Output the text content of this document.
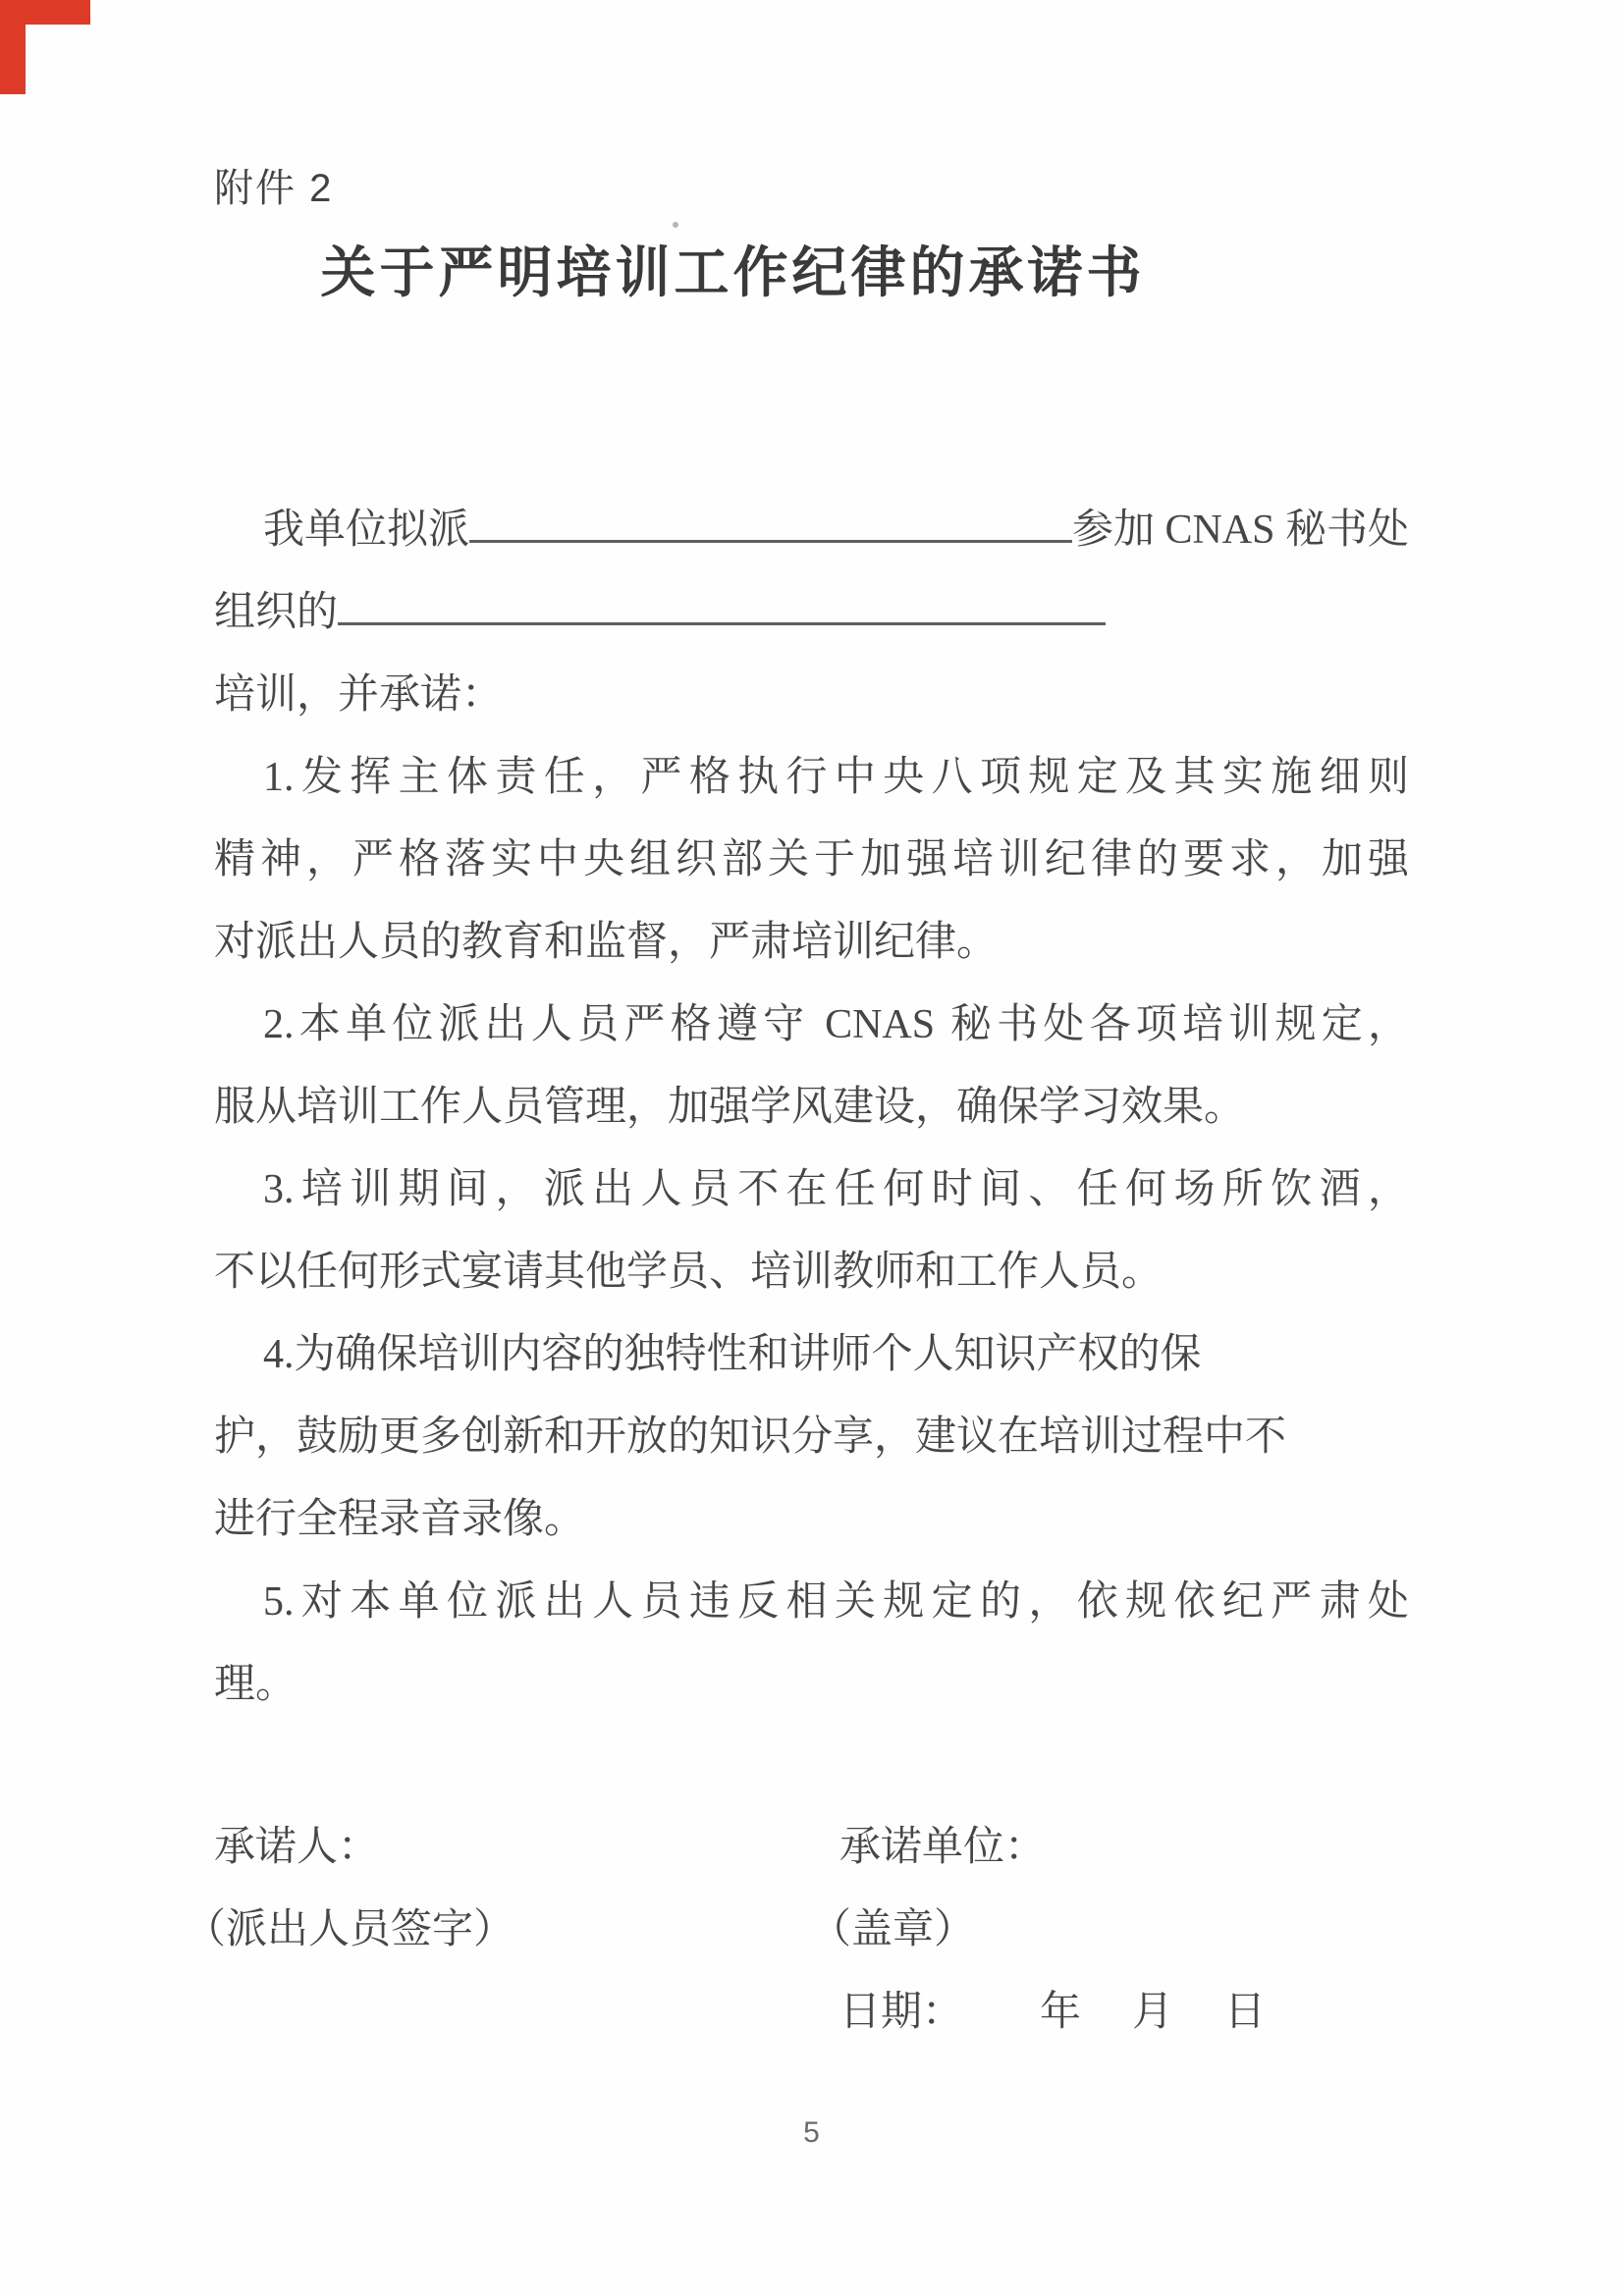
附件 2
关于严明培训工作纪律的承诺书
我单位拟派	参加 CNAS 秘书处
组织的
培训，并承诺：
1.发挥主体责任，严格执行中央八项规定及其实施细则
精神，严格落实中央组织部关于加强培训纪律的要求，加强
对派出人员的教育和监督，严肃培训纪律。
2.本单位派出人员严格遵守 CNAS 秘书处各项培训规定，
服从培训工作人员管理，加强学风建设，确保学习效果。
3.培训期间，派出人员不在任何时间、任何场所饮酒，
不以任何形式宴请其他学员、培训教师和工作人员。
4.为确保培训内容的独特性和讲师个人知识产权的保
护，鼓励更多创新和开放的知识分享，建议在培训过程中不
进行全程录音录像。
5.对本单位派出人员违反相关规定的，依规依纪严肃处
理。
承诺人：	承诺单位：
（派出人员签字）	（盖章）
日期： 年 月 日
5
